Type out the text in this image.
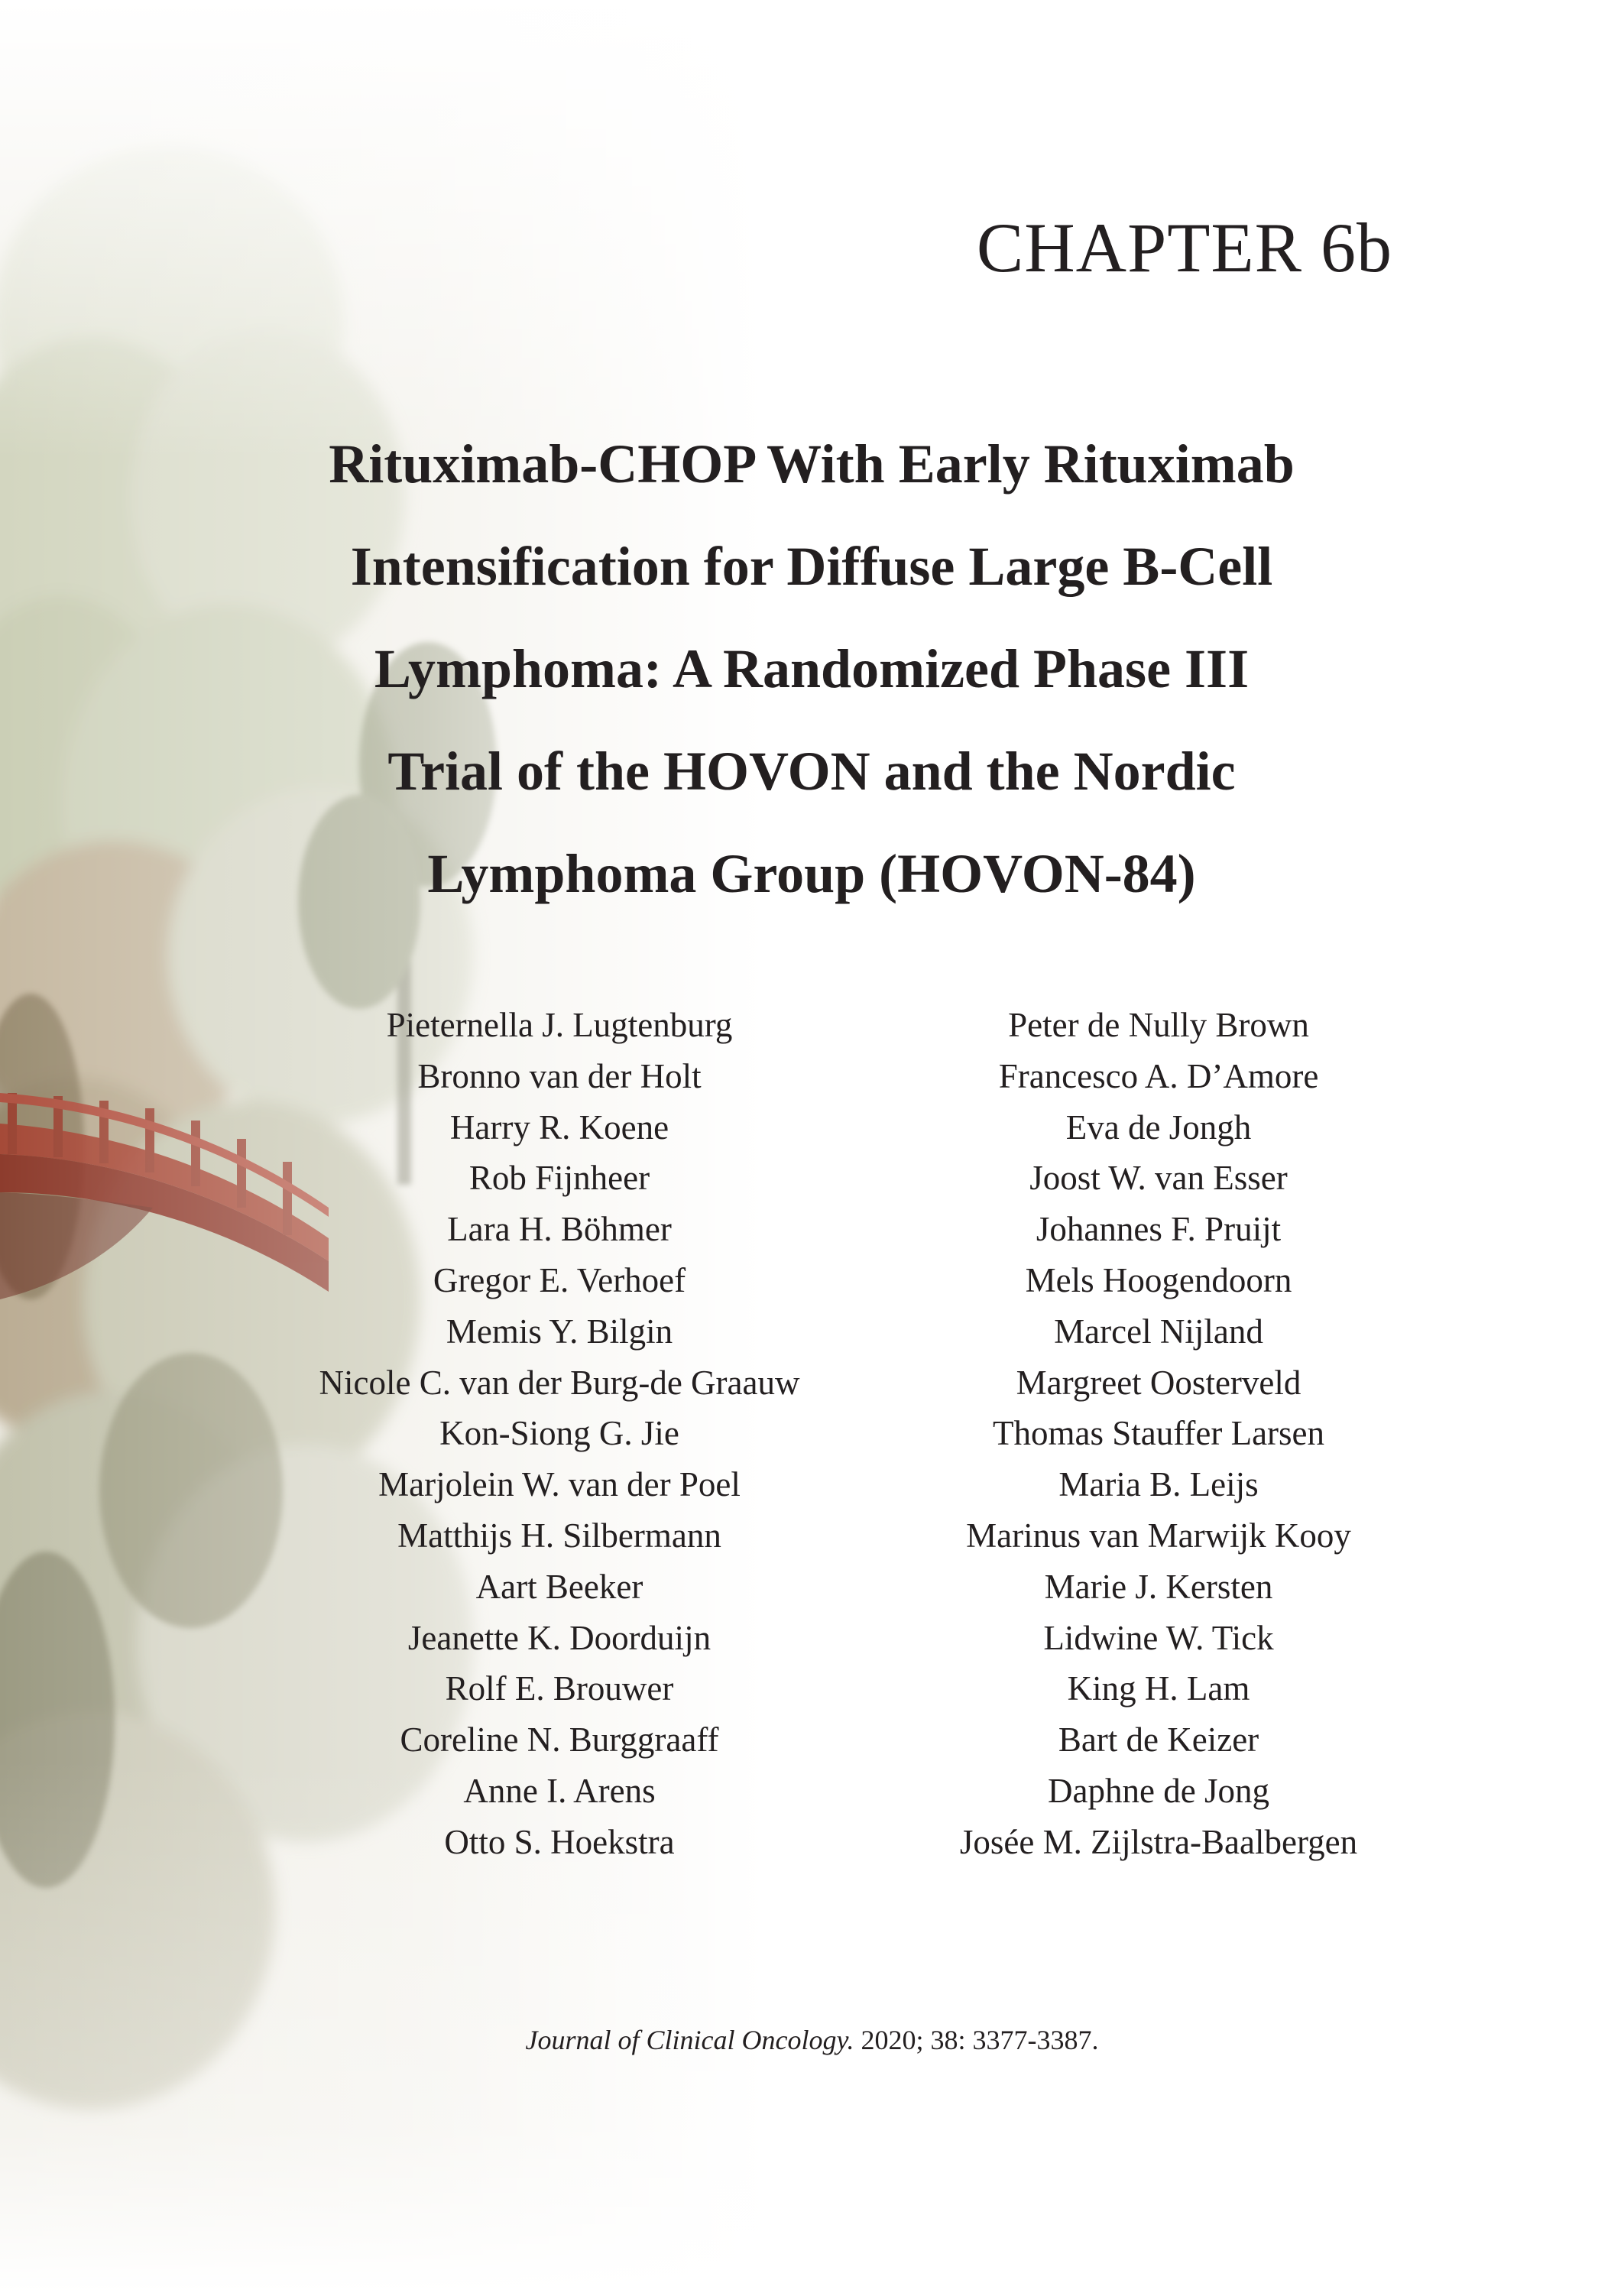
CHAPTER 6b
Rituximab-CHOP With Early Rituximab
Intensification for Diffuse Large B-Cell
Lymphoma: A Randomized Phase III
Trial of the HOVON and the Nordic
Lymphoma Group (HOVON-84)
Pieternella J. Lugtenburg
Bronno van der Holt
Harry R. Koene
Rob Fijnheer
Lara H. Böhmer
Gregor E. Verhoef
Memis Y. Bilgin
Nicole C. van der Burg-de Graauw
Kon-Siong G. Jie
Marjolein W. van der Poel
Matthijs H. Silbermann
Aart Beeker
Jeanette K. Doorduijn
Rolf E. Brouwer
Coreline N. Burggraaff
Anne I. Arens
Otto S. Hoekstra
Peter de Nully Brown
Francesco A. D’Amore
Eva de Jongh
Joost W. van Esser
Johannes F. Pruijt
Mels Hoogendoorn
Marcel Nijland
Margreet Oosterveld
Thomas Stauffer Larsen
Maria B. Leijs
Marinus van Marwijk Kooy
Marie J. Kersten
Lidwine W. Tick
King H. Lam
Bart de Keizer
Daphne de Jong
Josée M. Zijlstra-Baalbergen
Journal of Clinical Oncology. 2020; 38: 3377-3387.
